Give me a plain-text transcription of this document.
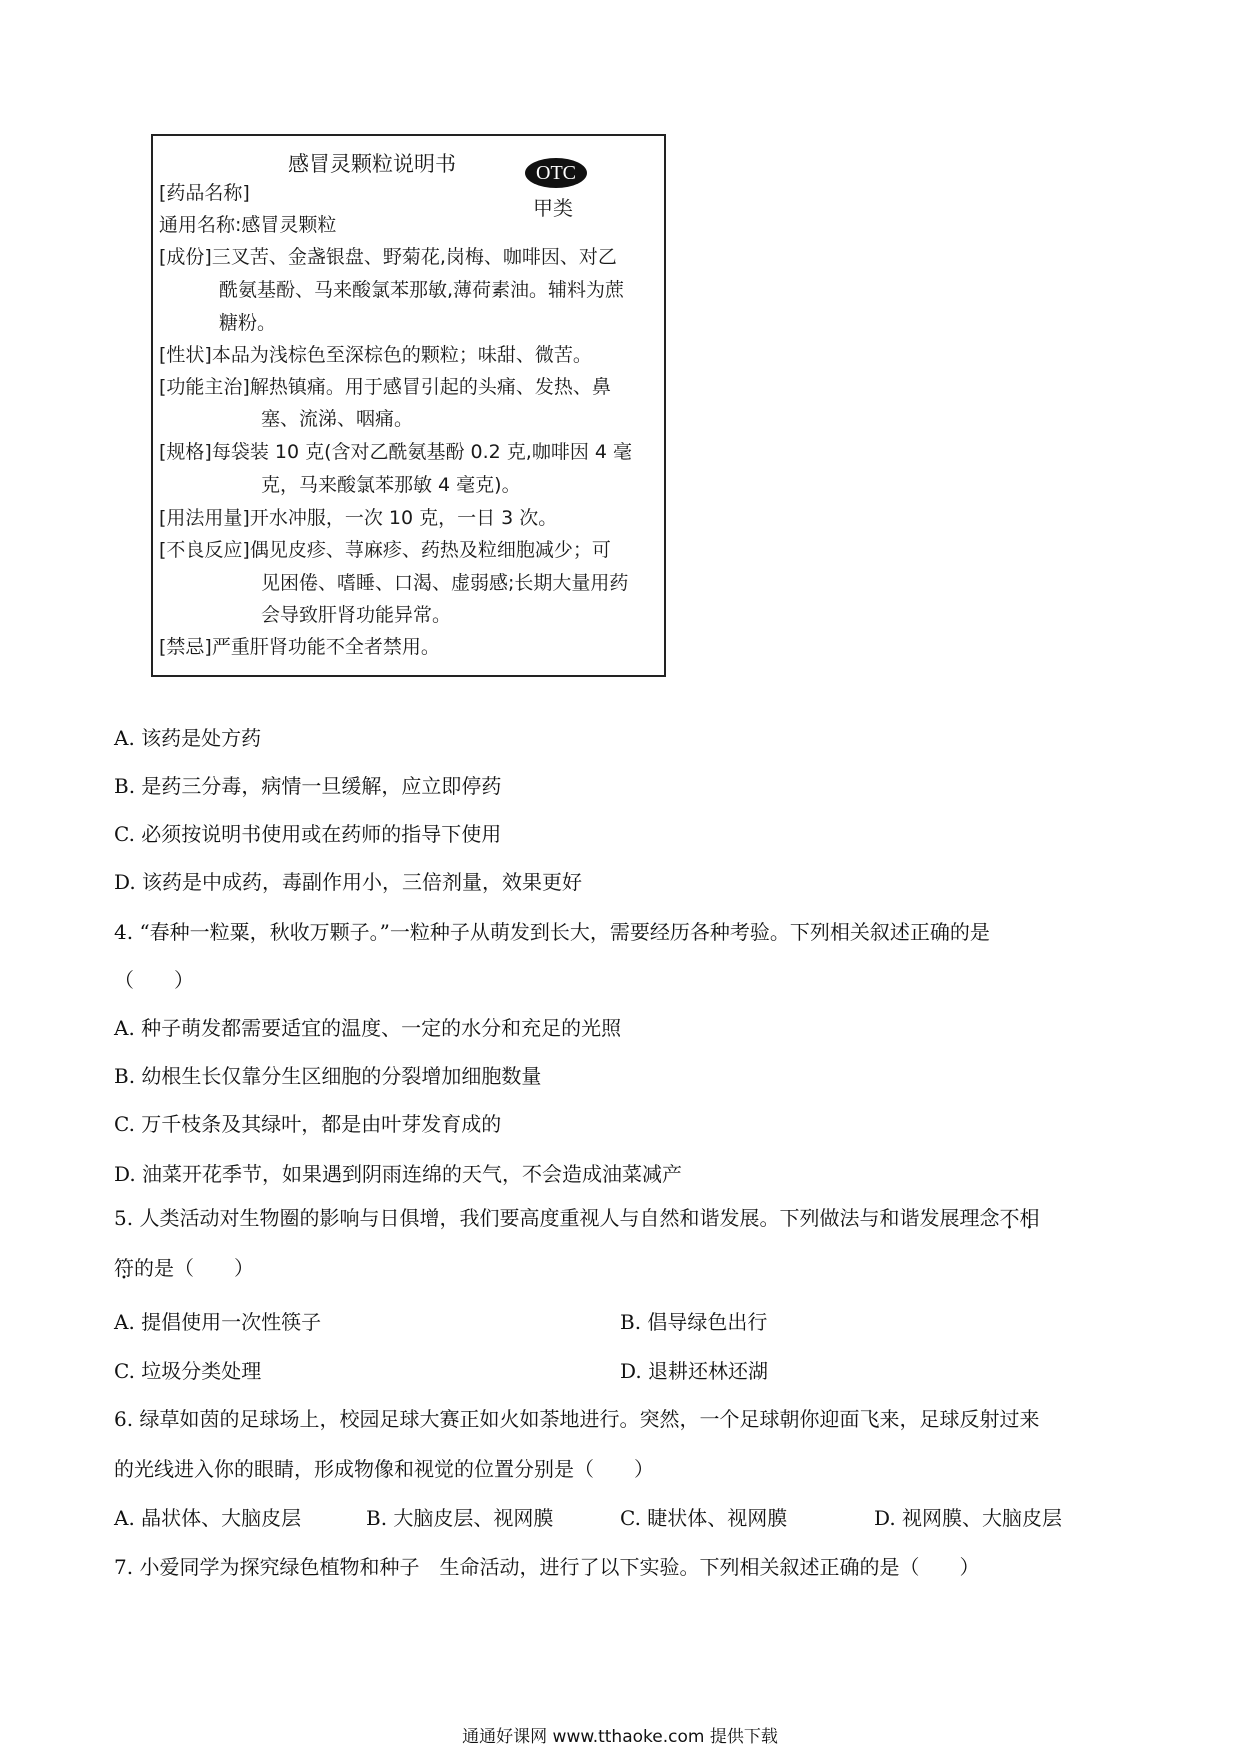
感冒灵颗粒说明书	OTC
甲类
[药品名称]
通用名称:感冒灵颗粒
[成份]三叉苦、金盏银盘、野菊花,岗梅、咖啡因、对乙
酰氨基酚、马来酸氯苯那敏,薄荷素油。辅料为蔗
糖粉。
[性状]本品为浅棕色至深棕色的颗粒；味甜、微苦。
[功能主治]解热镇痛。用于感冒引起的头痛、发热、鼻
塞、流涕、咽痛。
[规格]每袋装 10 克(含对乙酰氨基酚 0.2 克,咖啡因 4 毫
克，马来酸氯苯那敏 4 毫克)。
[用法用量]开水冲服，一次 10 克，一日 3 次。
[不良反应]偶见皮疹、荨麻疹、药热及粒细胞减少；可
见困倦、嗜睡、口渴、虚弱感;长期大量用药
会导致肝肾功能异常。
[禁忌]严重肝肾功能不全者禁用。
A. 该药是处方药
B. 是药三分毒，病情一旦缓解，应立即停药
C. 必须按说明书使用或在药师的指导下使用
D. 该药是中成药，毒副作用小，三倍剂量，效果更好
4. “春种一粒粟，秋收万颗子。”一粒种子从萌发到长大，需要经历各种考验。下列相关叙述正确的是
（　　）
A. 种子萌发都需要适宜的温度、一定的水分和充足的光照
B. 幼根生长仅靠分生区细胞的分裂增加细胞数量
C. 万千枝条及其绿叶，都是由叶芽发育成的
D. 油菜开花季节，如果遇到阴雨连绵的天气，不会造成油菜减产
5. 人类活动对生物圈的影响与日俱增，我们要高度重视人与自然和谐发展。下列做法与和谐发展理念不相
符的是（　　）
A. 提倡使用一次性筷子	B. 倡导绿色出行
C. 垃圾分类处理	D. 退耕还林还湖
6. 绿草如茵的足球场上，校园足球大赛正如火如荼地进行。突然，一个足球朝你迎面飞来，足球反射过来
的光线进入你的眼睛，形成物像和视觉的位置分别是（　　）
A. 晶状体、大脑皮层	B. 大脑皮层、视网膜	C. 睫状体、视网膜	D. 视网膜、大脑皮层
7. 小爱同学为探究绿色植物和种子　生命活动，进行了以下实验。下列相关叙述正确的是（　　）
通通好课网 www.tthaoke.com 提供下载
